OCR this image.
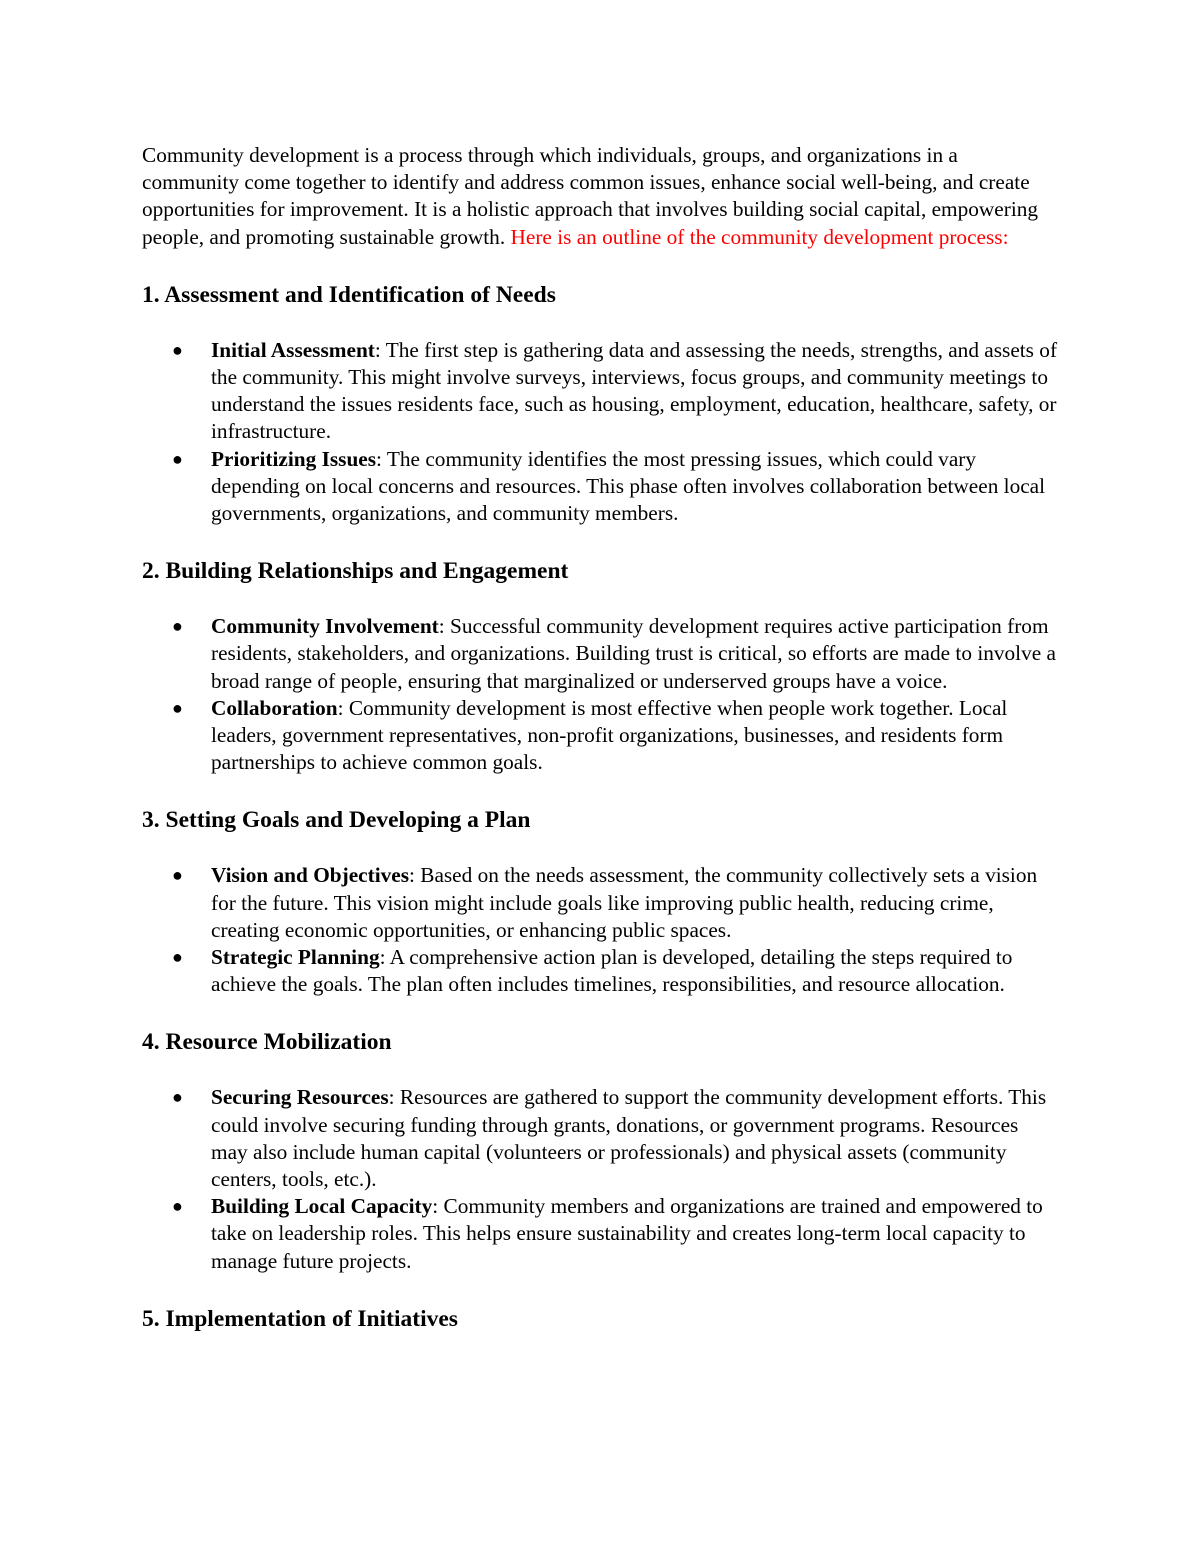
Community development is a process through which individuals, groups, and organizations in a community come together to identify and address common issues, enhance social well-being, and create opportunities for improvement. It is a holistic approach that involves building social capital, empowering people, and promoting sustainable growth. Here is an outline of the community development process:

1. Assessment and Identification of Needs
● Initial Assessment: The first step is gathering data and assessing the needs, strengths, and assets of the community. This might involve surveys, interviews, focus groups, and community meetings to understand the issues residents face, such as housing, employment, education, healthcare, safety, or infrastructure.
● Prioritizing Issues: The community identifies the most pressing issues, which could vary depending on local concerns and resources. This phase often involves collaboration between local governments, organizations, and community members.
2. Building Relationships and Engagement
● Community Involvement: Successful community development requires active participation from residents, stakeholders, and organizations. Building trust is critical, so efforts are made to involve a broad range of people, ensuring that marginalized or underserved groups have a voice.
● Collaboration: Community development is most effective when people work together. Local leaders, government representatives, non-profit organizations, businesses, and residents form partnerships to achieve common goals.
3. Setting Goals and Developing a Plan
● Vision and Objectives: Based on the needs assessment, the community collectively sets a vision for the future. This vision might include goals like improving public health, reducing crime, creating economic opportunities, or enhancing public spaces.
● Strategic Planning: A comprehensive action plan is developed, detailing the steps required to achieve the goals. The plan often includes timelines, responsibilities, and resource allocation.
4. Resource Mobilization
● Securing Resources: Resources are gathered to support the community development efforts. This could involve securing funding through grants, donations, or government programs. Resources may also include human capital (volunteers or professionals) and physical assets (community centers, tools, etc.).
● Building Local Capacity: Community members and organizations are trained and empowered to take on leadership roles. This helps ensure sustainability and creates long-term local capacity to manage future projects.
5. Implementation of Initiatives
